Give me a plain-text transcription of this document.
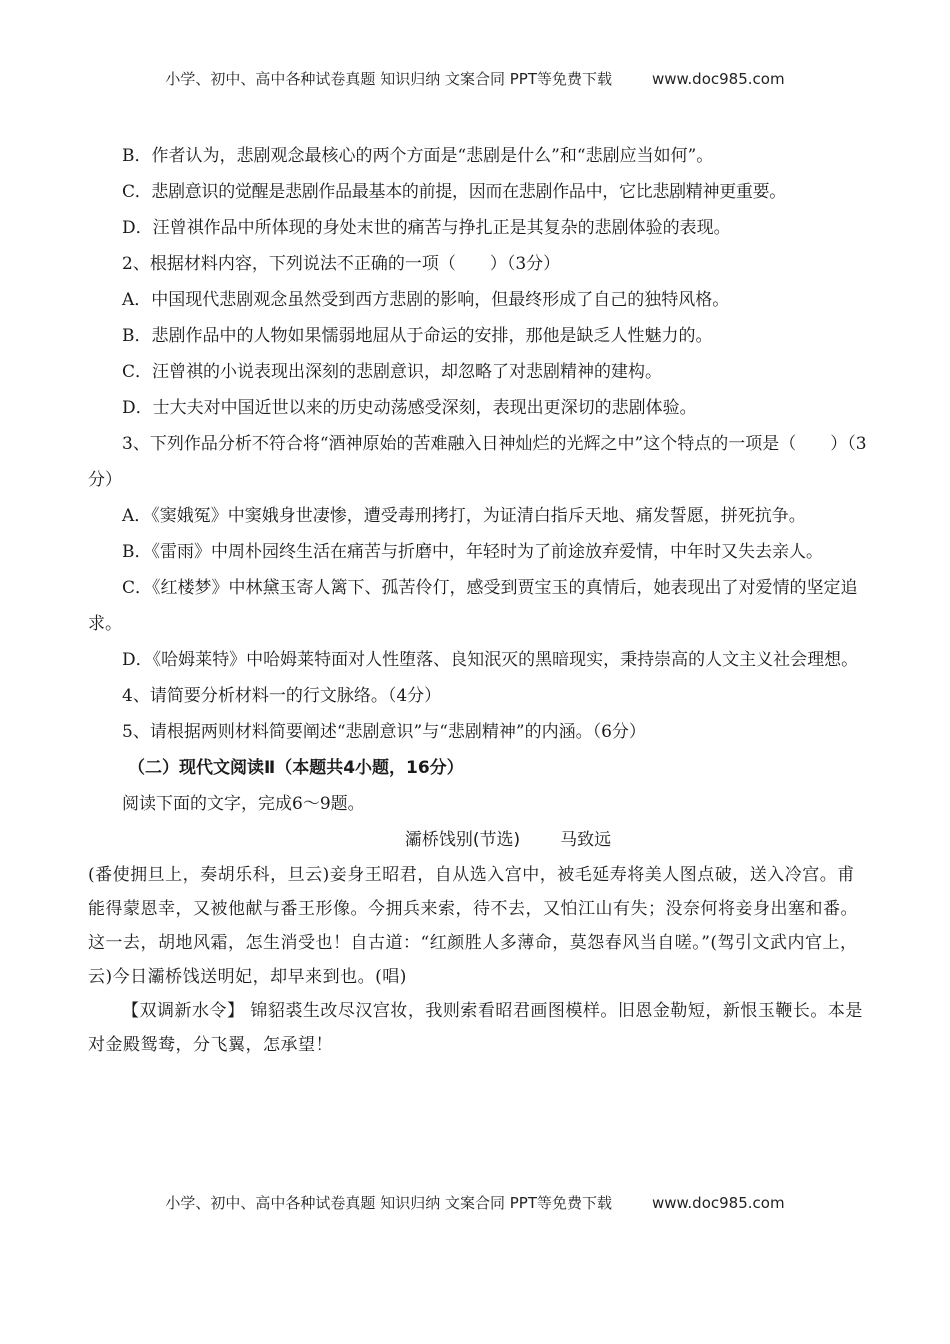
小学、初中、高中各种试卷真题 知识归纳 文案合同 PPT等免费下载	www.doc985.com

B．作者认为，悲剧观念最核心的两个方面是“悲剧是什么”和“悲剧应当如何”。

C．悲剧意识的觉醒是悲剧作品最基本的前提，因而在悲剧作品中，它比悲剧精神更重要。

D．汪曾祺作品中所体现的身处末世的痛苦与挣扎正是其复杂的悲剧体验的表现。

2、根据材料内容，下列说法不正确的一项（　　）（3分）

A．中国现代悲剧观念虽然受到西方悲剧的影响，但最终形成了自己的独特风格。

B．悲剧作品中的人物如果懦弱地屈从于命运的安排，那他是缺乏人性魅力的。

C．汪曾祺的小说表现出深刻的悲剧意识，却忽略了对悲剧精神的建构。

D．士大夫对中国近世以来的历史动荡感受深刻，表现出更深切的悲剧体验。

3、下列作品分析不符合将“酒神原始的苦难融入日神灿烂的光辉之中”这个特点的一项是（　　）（3分）

A．《窦娥冤》中窦娥身世凄惨，遭受毒刑拷打，为证清白指斥天地、痛发誓愿，拼死抗争。

B．《雷雨》中周朴园终生活在痛苦与折磨中，年轻时为了前途放弃爱情，中年时又失去亲人。

C．《红楼梦》中林黛玉寄人篱下、孤苦伶仃，感受到贾宝玉的真情后，她表现出了对爱情的坚定追求。

D．《哈姆莱特》中哈姆莱特面对人性堕落、良知泯灭的黑暗现实，秉持崇高的人文主义社会理想。

4、请简要分析材料一的行文脉络。（4分）

5、请根据两则材料简要阐述“悲剧意识”与“悲剧精神”的内涵。（6分）

（二）现代文阅读Ⅱ（本题共4小题，16分）

阅读下面的文字，完成6～9题。

灞桥饯别(节选) 马致远

(番使拥旦上，奏胡乐科，旦云)妾身王昭君，自从选入宫中，被毛延寿将美人图点破，送入冷宫。甫能得蒙恩幸，又被他献与番王形像。今拥兵来索，待不去，又怕江山有失；没奈何将妾身出塞和番。这一去，胡地风霜，怎生消受也！自古道：“红颜胜人多薄命，莫怨春风当自嗟。”(驾引文武内官上，云)今日灞桥饯送明妃，却早来到也。(唱)

【双调新水令】 锦貂裘生改尽汉宫妆，我则索看昭君画图模样。旧恩金勒短，新恨玉鞭长。本是对金殿鸳鸯，分飞翼，怎承望！

小学、初中、高中各种试卷真题 知识归纳 文案合同 PPT等免费下载	www.doc985.com
